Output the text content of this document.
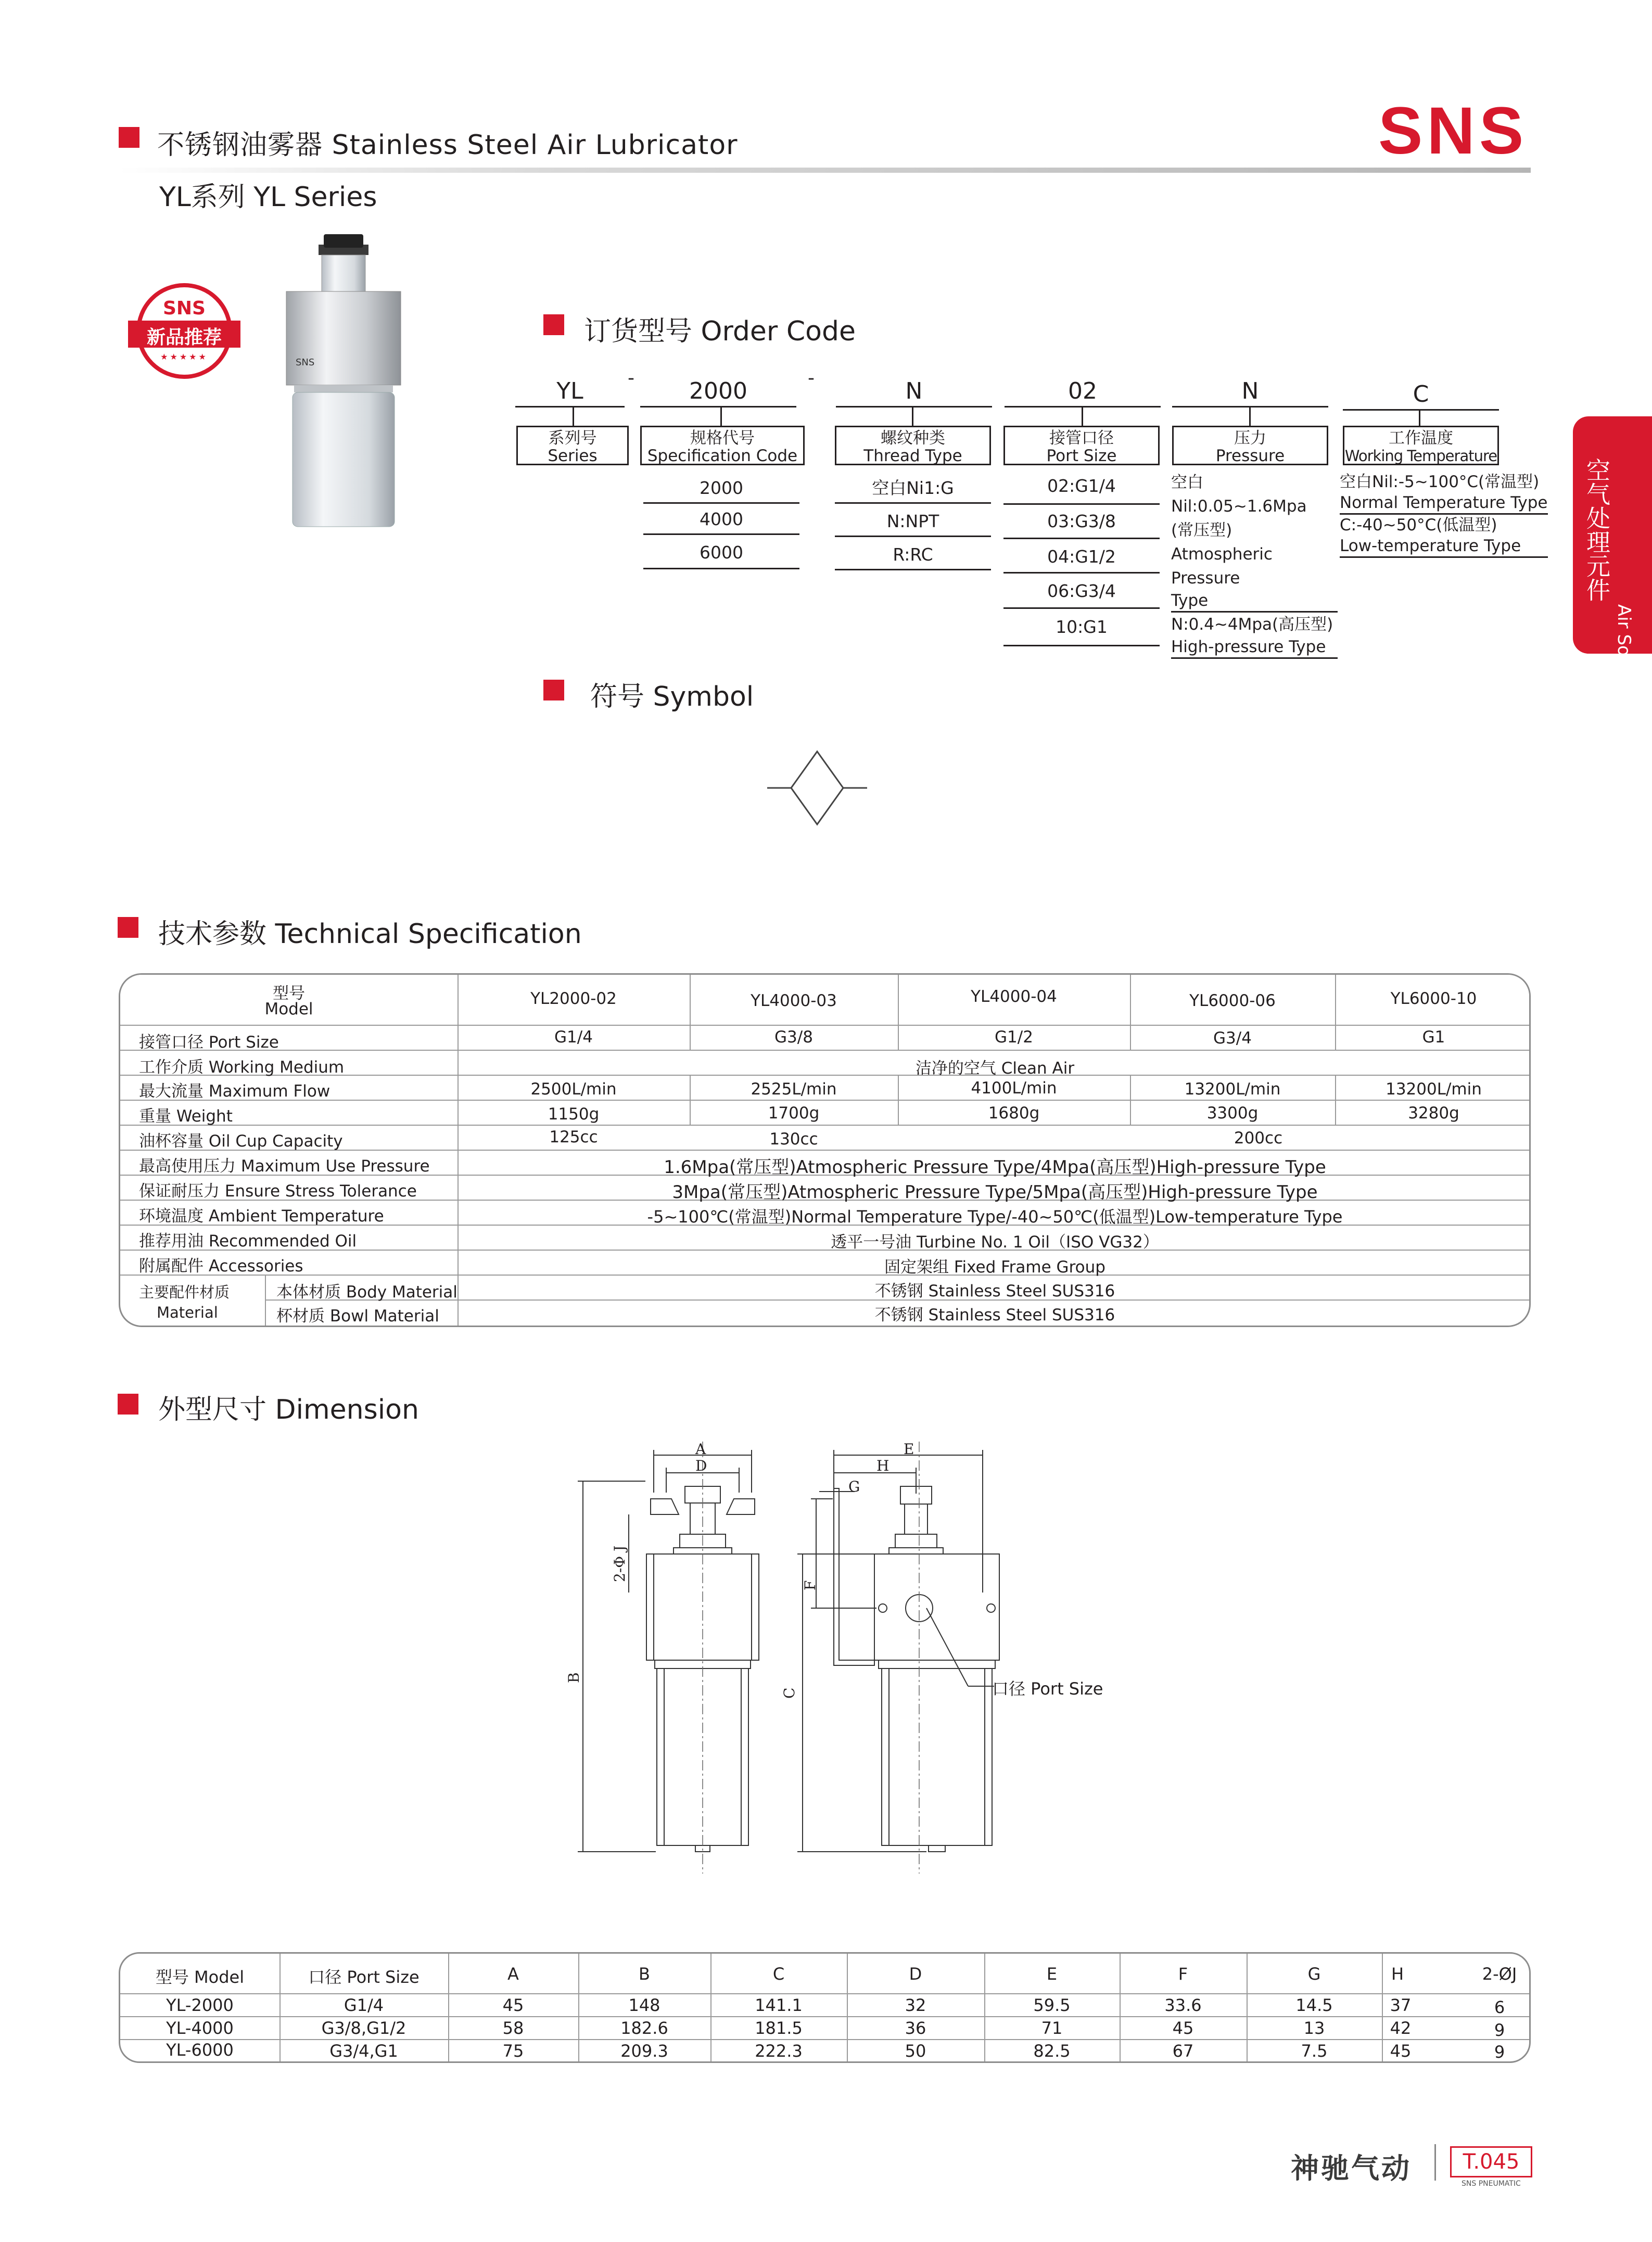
不锈钢油雾器 Stainless Steel Air Lubricator
YL系列 YL Series
SNS
Air Source Treatment
空气处理元件
SNS
SNS
新品推荐
★★★★★
订货型号 Order Code
YL	2000	N	02	N	C
-	-
系列号
Series
规格代号
Specification Code
螺纹种类
Thread Type
接管口径
Port Size
压力
Pressure
工作温度
Working Temperature
2000
4000
6000
空白Ni1:G
N:NPT
R:RC
02:G1/4
03:G3/8
04:G1/2
06:G3/4
10:G1
空白Nil:0.05~1.6Mpa
(常压型)
Atmospheric Pressure
Type
N:0.4~4Mpa(高压型)
High-pressure Type
空白Nil:-5~100°C(常温型)
Normal Temperature Type
C:-40~50°C(低温型)
Low-temperature Type
符号 Symbol
技术参数 Technical Specification
型号
Model
YL2000-02	YL4000-03	YL4000-04	YL6000-06	YL6000-10
接管口径 Port Size	G1/4	G3/8	G1/2	G3/4	G1
工作介质 Working Medium	洁净的空气 Clean Air
最大流量 Maximum Flow	2500L/min	2525L/min	4100L/min	13200L/min	13200L/min
重量 Weight	1150g	1700g	1680g	3300g	3280g
油杯容量 Oil Cup Capacity	125cc	130cc	200cc
最高使用压力 Maximum Use Pressure	1.6Mpa(常压型)Atmospheric Pressure Type/4Mpa(高压型)High-pressure Type
保证耐压力 Ensure Stress Tolerance	3Mpa(常压型)Atmospheric Pressure Type/5Mpa(高压型)High-pressure Type
环境温度 Ambient Temperature	-5~100℃(常温型)Normal Temperature Type/-40~50℃(低温型)Low-temperature Type
推荐用油 Recommended Oil	透平一号油 Turbine No. 1 Oil（ISO VG32）
附属配件 Accessories	固定架组 Fixed Frame Group
主要配件材质
Material
本体材质 Body Material	不锈钢 Stainless Steel SUS316
杯材质 Bowl Material	不锈钢 Stainless Steel SUS316
外型尺寸 Dimension
A
D
2-Φ J
B
E
H
G
F
C	口径 Port Size
型号 Model	口径 Port Size	A	B	C	D	E	F	G	H	2-ØJ
YL-2000	G1/4	45	148	141.1	32	59.5	33.6	14.5	37	6
YL-4000	G3/8,G1/2	58	182.6	181.5	36	71	45	13	42	9
YL-6000	G3/4,G1	75	209.3	222.3	50	82.5	67	7.5	45	9
神驰气动	T.045
SNS PNEUMATIC
